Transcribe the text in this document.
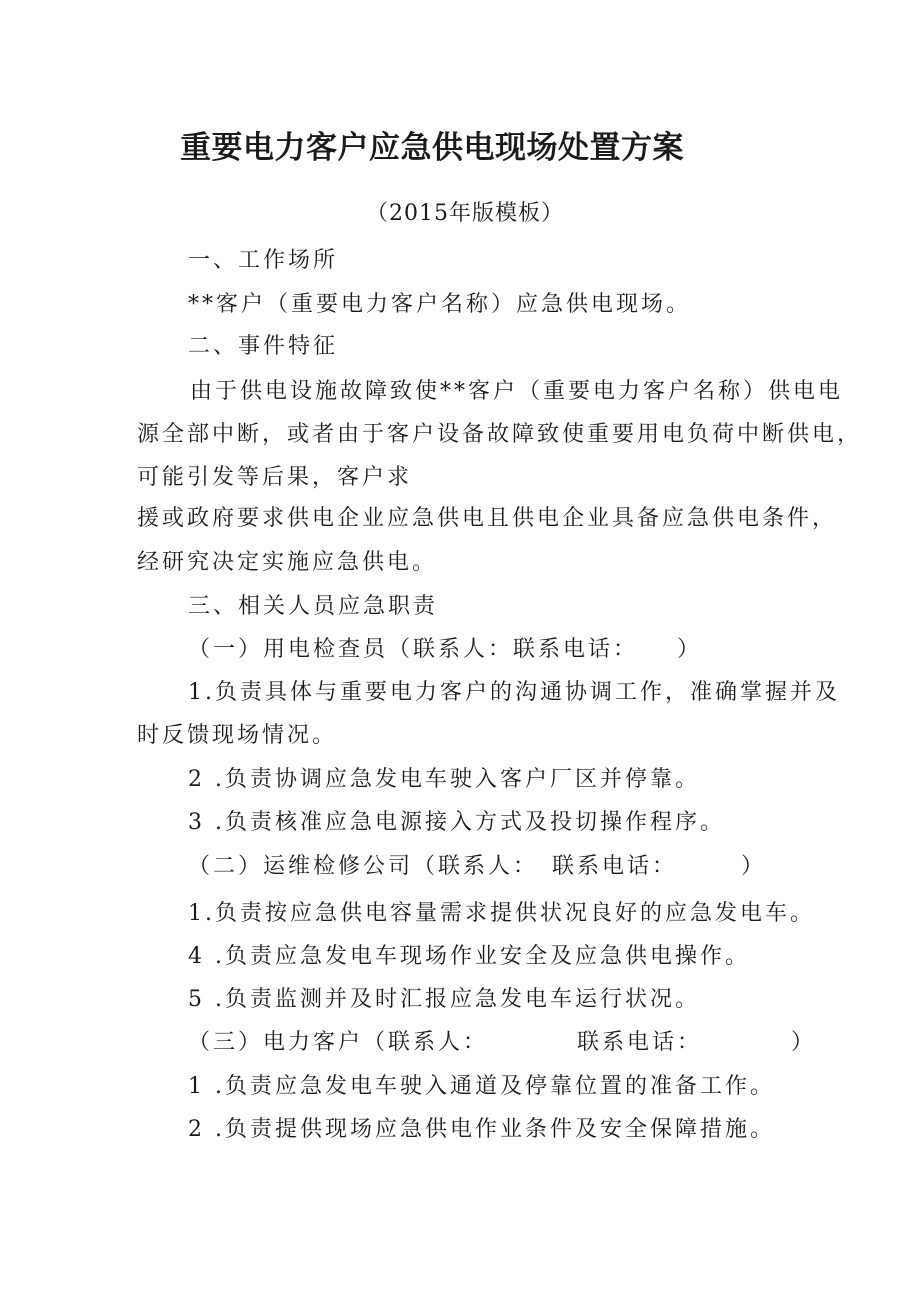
重要电力客户应急供电现场处置方案

（2015年版模板）

一、工作场所

**客户（重要电力客户名称）应急供电现场。

二、事件特征

由于供电设施故障致使**客户（重要电力客户名称）供电电

源全部中断，或者由于客户设备故障致使重要用电负荷中断供电，

可能引发等后果，客户求

援或政府要求供电企业应急供电且供电企业具备应急供电条件，

经研究决定实施应急供电。

三、相关人员应急职责

（一）用电检查员（联系人：联系电话：　　）

1.负责具体与重要电力客户的沟通协调工作，准确掌握并及

时反馈现场情况。

2 .负责协调应急发电车驶入客户厂区并停靠。

3 .负责核准应急电源接入方式及投切操作程序。

（二）运维检修公司（联系人：　联系电话：　　　）

1.负责按应急供电容量需求提供状况良好的应急发电车。

4 .负责应急发电车现场作业安全及应急供电操作。

5 .负责监测并及时汇报应急发电车运行状况。

（三）电力客户（联系人：　　　　联系电话：　　　　）

1 .负责应急发电车驶入通道及停靠位置的准备工作。

2 .负责提供现场应急供电作业条件及安全保障措施。
